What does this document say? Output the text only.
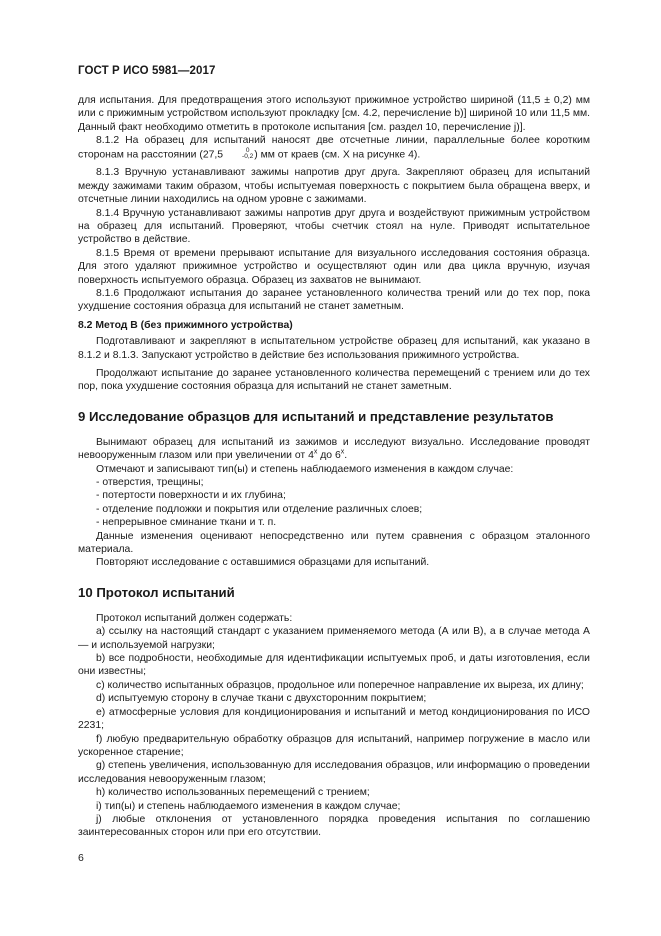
ГОСТ Р ИСО 5981—2017

для испытания. Для предотвращения этого используют прижимное устройство шириной (11,5 ± 0,2) мм или с прижимным устройством используют прокладку [см. 4.2, перечисление b)] шириной 10 или 11,5 мм. Данный факт необходимо отметить в протоколе испытания [см. раздел 10, перечисление j)].

8.1.2 На образец для испытаний наносят две отсчетные линии, параллельные более коротким сторонам на расстоянии (27,5	0
-0,2 ) мм от краев (см. X на рисунке 4).

8.1.3 Вручную устанавливают зажимы напротив друг друга. Закрепляют образец для испытаний между зажимами таким образом, чтобы испытуемая поверхность с покрытием была обращена вверх, и отсчетные линии находились на одном уровне с зажимами.

8.1.4 Вручную устанавливают зажимы напротив друг друга и воздействуют прижимным устройством на образец для испытаний. Проверяют, чтобы счетчик стоял на нуле. Приводят испытательное устройство в действие.

8.1.5 Время от времени прерывают испытание для визуального исследования состояния образца. Для этого удаляют прижимное устройство и осуществляют один или два цикла вручную, изучая поверхность испытуемого образца. Образец из захватов не вынимают.

8.1.6 Продолжают испытания до заранее установленного количества трений или до тех пор, пока ухудшение состояния образца для испытаний не станет заметным.

8.2 Метод В (без прижимного устройства)

Подготавливают и закрепляют в испытательном устройстве образец для испытаний, как указано в 8.1.2 и 8.1.3. Запускают устройство в действие без использования прижимного устройства.

Продолжают испытание до заранее установленного количества перемещений с трением или до тех пор, пока ухудшение состояния образца для испытаний не станет заметным.

9 Исследование образцов для испытаний и представление результатов

Вынимают образец для испытаний из зажимов и исследуют визуально. Исследование проводят невооруженным глазом или при увеличении от 4$^x$ до 6$^x$.

Отмечают и записывают тип(ы) и степень наблюдаемого изменения в каждом случае:

- отверстия, трещины;

- потертости поверхности и их глубина;

- отделение подложки и покрытия или отделение различных слоев;

- непрерывное сминание ткани и т. п.

Данные изменения оценивают непосредственно или путем сравнения с образцом эталонного материала.

Повторяют исследование с оставшимися образцами для испытаний.

10 Протокол испытаний

Протокол испытаний должен содержать:

a) ссылку на настоящий стандарт с указанием применяемого метода (А или В), а в случае метода А — и используемой нагрузки;

b) все подробности, необходимые для идентификации испытуемых проб, и даты изготовления, если они известны;

c) количество испытанных образцов, продольное или поперечное направление их выреза, их длину;

d) испытуемую сторону в случае ткани с двухсторонним покрытием;

e) атмосферные условия для кондиционирования и испытаний и метод кондиционирования по ИСО 2231;

f) любую предварительную обработку образцов для испытаний, например погружение в масло или ускоренное старение;

g) степень увеличения, использованную для исследования образцов, или информацию о проведении исследования невооруженным глазом;

h) количество использованных перемещений с трением;

i) тип(ы) и степень наблюдаемого изменения в каждом случае;

j) любые отклонения от установленного порядка проведения испытания по соглашению заинтересованных сторон или при его отсутствии.

6
